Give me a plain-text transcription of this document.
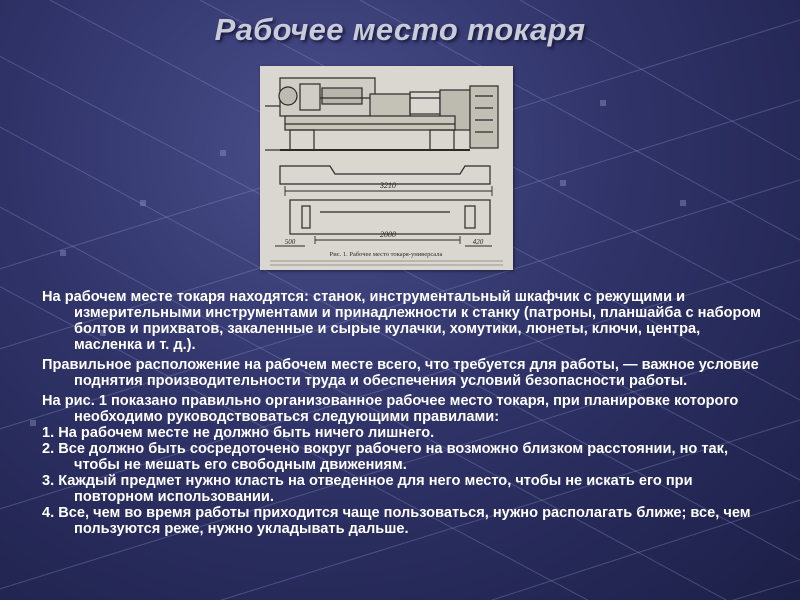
Рабочее место токаря
3210
2000
500	420
Рис. 1. Рабочее место токаря-универсала

На рабочем месте токаря находятся: станок, инструментальный шкафчик с режущими и измерительными инструментами и принадлежности к станку (патроны, планшайба с набором болтов и прихватов, закаленные и сырые кулачки, хомутики, люнеты, ключи, центра, масленка и т. д.).

Правильное расположение на рабочем месте всего, что требуется для работы, — важное условие поднятия производительности труда и обеспечения условий безопасности работы.

На рис. 1 показано правильно организованное рабочее место токаря, при планировке которого необходимо руководствоваться следующими правилами:
1. На рабочем месте не должно быть ничего лишнего.
2. Все должно быть сосредоточено вокруг рабочего на возможно близком расстоянии, но так, чтобы не мешать его свободным движениям.
3. Каждый предмет нужно класть на отведенное для него место, чтобы не искать его при повторном использовании.
4. Все, чем во время работы приходится чаще пользоваться, нужно располагать ближе; все, чем пользуются реже, нужно укладывать дальше.
